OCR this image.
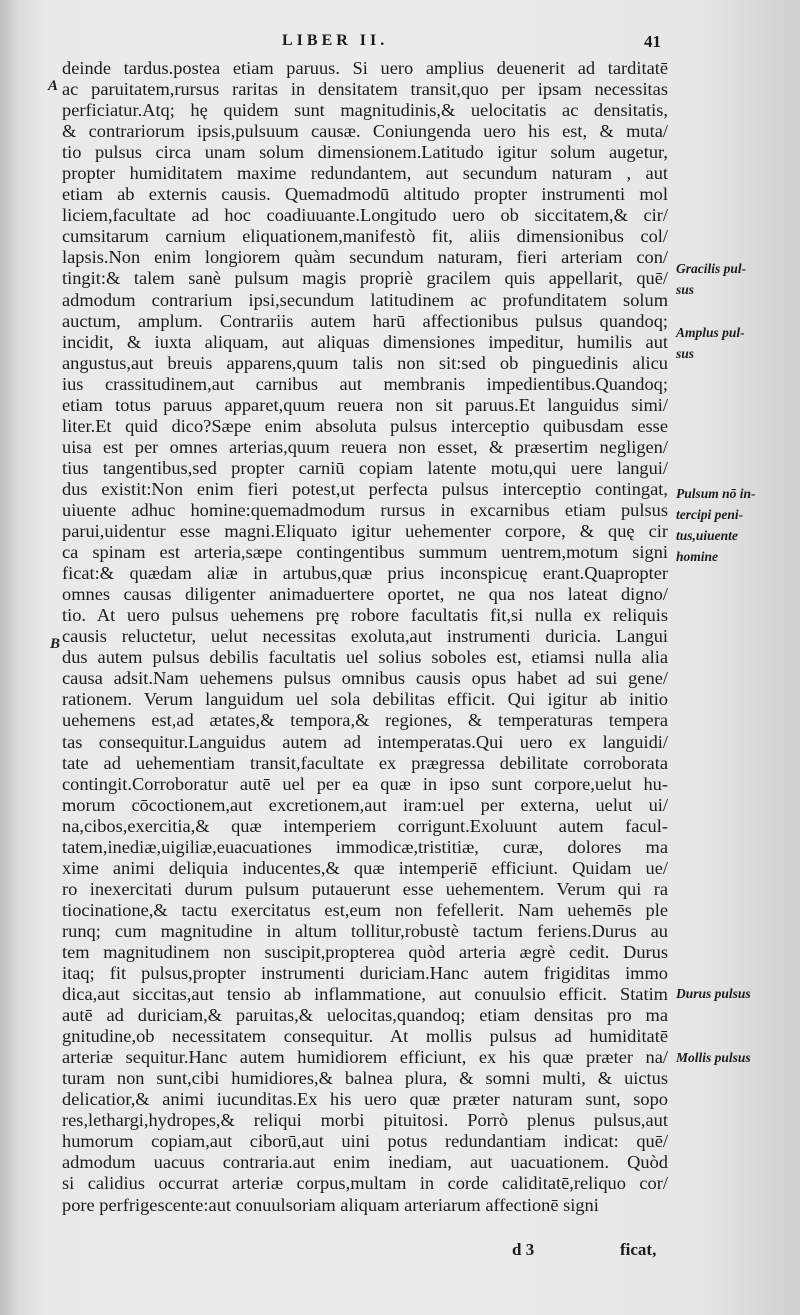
LIBER II.	41
A
B
deinde tardus.postea etiam paruus. Si uero amplius deuenerit ad tarditatē
ac paruitatem,rursus raritas in densitatem transit,quo per ipsam necessitas
perficiatur.Atq; hę quidem sunt magnitudinis,& uelocitatis ac densitatis,
& contrariorum ipsis,pulsuum causæ. Coniungenda uero his est, & muta/
tio pulsus circa unam solum dimensionem.Latitudo igitur solum augetur,
propter humiditatem maxime redundantem, aut secundum naturam , aut
etiam ab externis causis. Quemadmodū altitudo propter instrumenti mol
liciem,facultate ad hoc coadiuuante.Longitudo uero ob siccitatem,& cir/
cumsitarum carnium eliquationem,manifestò fit, aliis dimensionibus col/
lapsis.Non enim longiorem quàm secundum naturam, fieri arteriam con/
tingit:& talem sanè pulsum magis propriè gracilem quis appellarit, quē/
admodum contrarium ipsi,secundum latitudinem ac profunditatem solum
auctum, amplum. Contrariis autem harū affectionibus pulsus quandoq;
incidit, & iuxta aliquam, aut aliquas dimensiones impeditur, humilis aut
angustus,aut breuis apparens,quum talis non sit:sed ob pinguedinis alicu
ius crassitudinem,aut carnibus aut membranis impedientibus.Quandoq;
etiam totus paruus apparet,quum reuera non sit paruus.Et languidus simi/
liter.Et quid dico?Sæpe enim absoluta pulsus interceptio quibusdam esse
uisa est per omnes arterias,quum reuera non esset, & præsertim negligen/
tius tangentibus,sed propter carniū copiam latente motu,qui uere langui/
dus existit:Non enim fieri potest,ut perfecta pulsus interceptio contingat,
uiuente adhuc homine:quemadmodum rursus in excarnibus etiam pulsus
parui,uidentur esse magni.Eliquato igitur uehementer corpore, & quę cir
ca spinam est arteria,sæpe contingentibus summum uentrem,motum signi
ficat:& quædam aliæ in artubus,quæ prius inconspicuę erant.Quapropter
omnes causas diligenter animaduertere oportet, ne qua nos lateat digno/
tio. At uero pulsus uehemens prę robore facultatis fit,si nulla ex reliquis
causis reluctetur, uelut necessitas exoluta,aut instrumenti duricia. Langui
dus autem pulsus debilis facultatis uel solius soboles est, etiamsi nulla alia
causa adsit.Nam uehemens pulsus omnibus causis opus habet ad sui gene/
rationem. Verum languidum uel sola debilitas efficit. Qui igitur ab initio
uehemens est,ad ætates,& tempora,& regiones, & temperaturas tempera
tas consequitur.Languidus autem ad intemperatas.Qui uero ex languidi/
tate ad uehementiam transit,facultate ex prægressa debilitate corroborata
contingit.Corroboratur autē uel per ea quæ in ipso sunt corpore,uelut hu-
morum cōcoctionem,aut excretionem,aut iram:uel per externa, uelut ui/
na,cibos,exercitia,& quæ intemperiem corrigunt.Exoluunt autem facul-
tatem,inediæ,uigiliæ,euacuationes immodicæ,tristitiæ, curæ, dolores ma
xime animi deliquia inducentes,& quæ intemperiē efficiunt. Quidam ue/
ro inexercitati durum pulsum putauerunt esse uehementem. Verum qui ra
tiocinatione,& tactu exercitatus est,eum non fefellerit. Nam uehemēs ple
runq; cum magnitudine in altum tollitur,robustè tactum feriens.Durus au
tem magnitudinem non suscipit,propterea quòd arteria ægrè cedit. Durus
itaq; fit pulsus,propter instrumenti duriciam.Hanc autem frigiditas immo
dica,aut siccitas,aut tensio ab inflammatione, aut conuulsio efficit. Statim
autē ad duriciam,& paruitas,& uelocitas,quandoq; etiam densitas pro ma
gnitudine,ob necessitatem consequitur. At mollis pulsus ad humiditatē
arteriæ sequitur.Hanc autem humidiorem efficiunt, ex his quæ præter na/
turam non sunt,cibi humidiores,& balnea plura, & somni multi, & uictus
delicatior,& animi iucunditas.Ex his uero quæ præter naturam sunt, sopo
res,lethargi,hydropes,& reliqui morbi pituitosi. Porrò plenus pulsus,aut
humorum copiam,aut ciborū,aut uini potus redundantiam indicat: quē/
admodum uacuus contraria.aut enim inediam, aut uacuationem. Quòd
si calidius occurrat arteriæ corpus,multam in corde caliditatē,reliquo cor/
pore perfrigescente:aut conuulsoriam aliquam arteriarum affectionē signi
Gracilis pul-
sus
Amplus pul-
sus
Pulsum nō in-
tercipi peni-
tus,uiuente
homine
Durus pulsus
Mollis pulsus
d 3	ficat,
